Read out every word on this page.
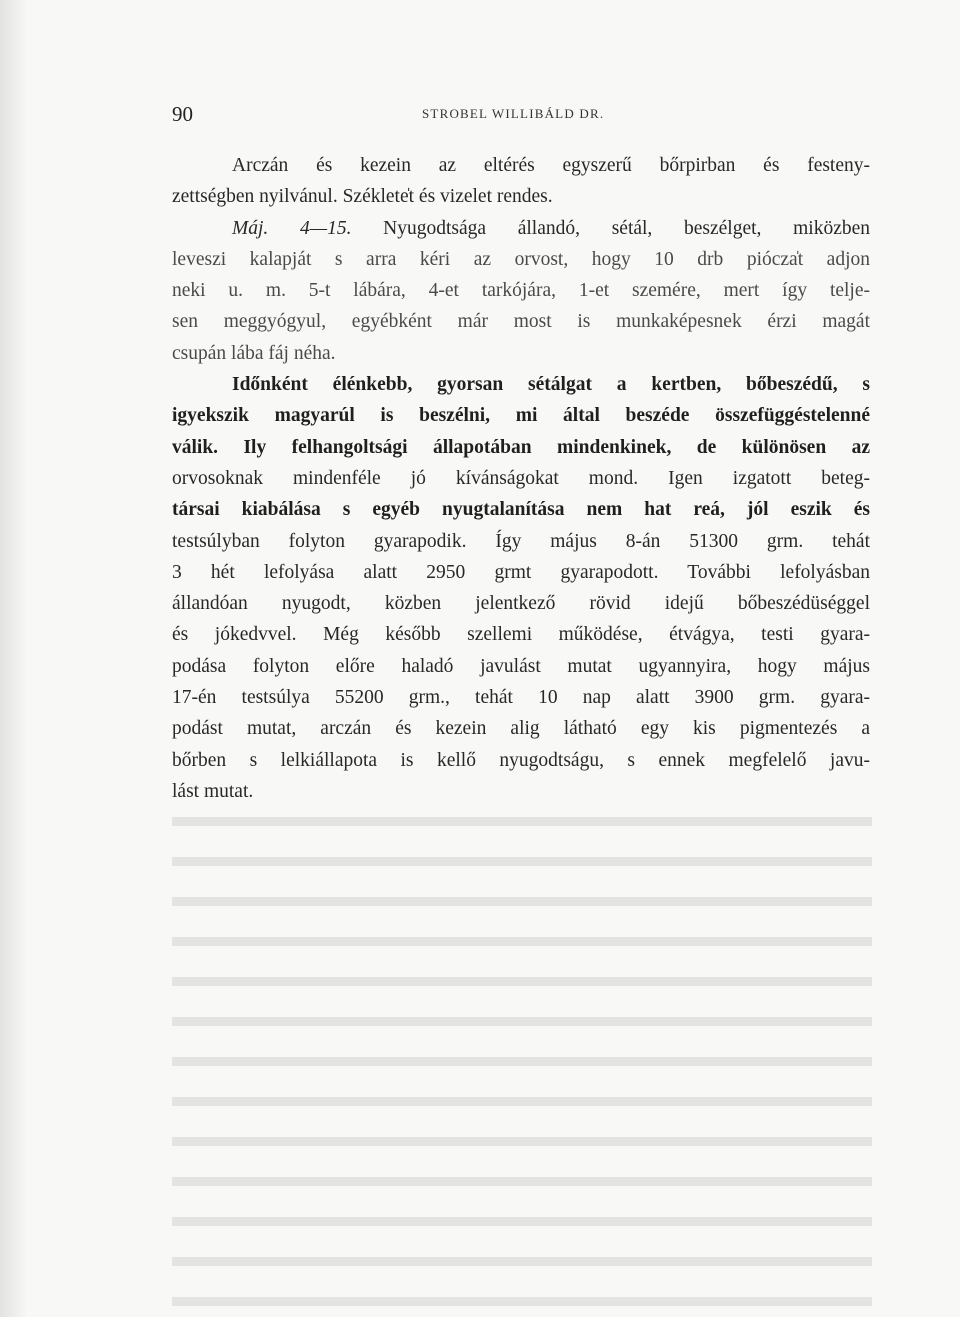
90	STROBEL WILLIBÁLD DR.
Arczán és kezein az eltérés egyszerű bőrpirban és festeny-
zettségben nyilvánul. Széklete̍t és vizelet rendes.
Máj. 4—15. Nyugodtsága állandó, sétál, beszélget, miközben
leveszi kalapját s arra kéri az orvost, hogy 10 drb piócza̍t adjon
neki u. m. 5-t lábára, 4-et tarkójára, 1-et szemére, mert így telje-
sen meggyógyul, egyébként már most is munkaképesnek érzi magát
csupán lába fáj néha.
Időnként élénkebb, gyorsan sétálgat a kertben, bőbeszédű, s
igyekszik magyarúl is beszélni, mi által beszéde összefüggéstelenné
válik. Ily felhangoltsági állapotában mindenkinek, de különösen az
orvosoknak mindenféle jó kívánságokat mond. Igen izgatott beteg-
társai kiabálása s egyéb nyugtalanítása nem hat reá, jól eszik és
testsúlyban folyton gyarapodik. Így május 8-án 51300 grm. tehát
3 hét lefolyása alatt 2950 grmt gyarapodott. További lefolyásban
állandóan nyugodt, közben jelentkező rövid idejű bőbeszédüséggel
és jókedvvel. Még később szellemi működése, étvágya, testi gyara-
podása folyton előre haladó javulást mutat ugyannyira, hogy május
17-én testsúlya 55200 grm., tehát 10 nap alatt 3900 grm. gyara-
podást mutat, arczán és kezein alig látható egy kis pigmentezés a
bőrben s lelkiállapota is kellő nyugodtságu, s ennek megfelelő javu-
lást mutat.
